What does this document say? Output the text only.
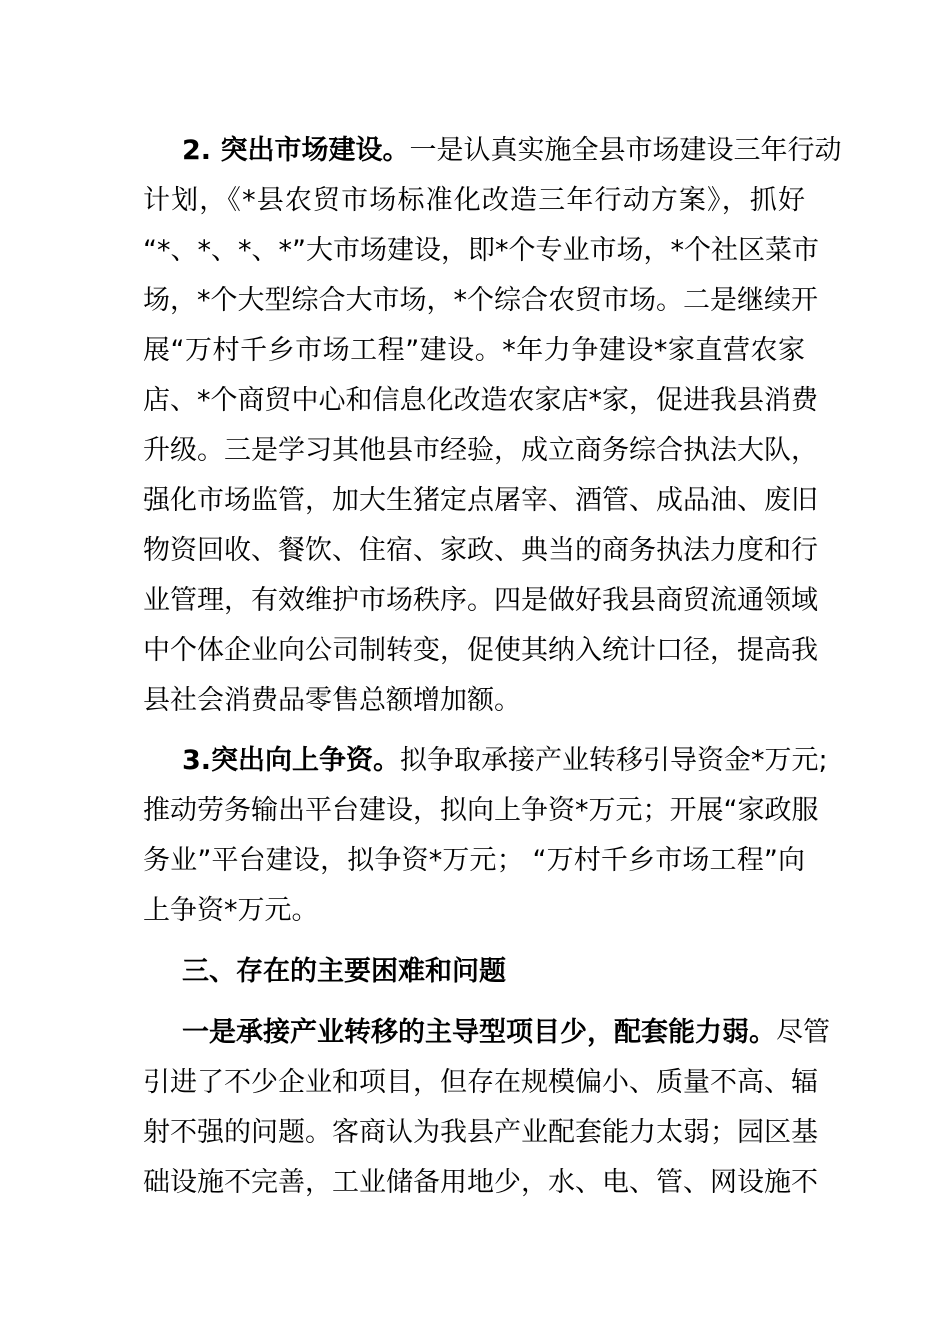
2. 突出市场建设。一是认真实施全县市场建设三年行动
计划，《*县农贸市场标准化改造三年行动方案》，抓好
“*、*、*、*”大市场建设，即*个专业市场，*个社区菜市
场，*个大型综合大市场，*个综合农贸市场。二是继续开
展“万村千乡市场工程”建设。*年力争建设*家直营农家
店、*个商贸中心和信息化改造农家店*家，促进我县消费
升级。三是学习其他县市经验，成立商务综合执法大队，
强化市场监管，加大生猪定点屠宰、酒管、成品油、废旧
物资回收、餐饮、住宿、家政、典当的商务执法力度和行
业管理，有效维护市场秩序。四是做好我县商贸流通领域
中个体企业向公司制转变，促使其纳入统计口径，提高我
县社会消费品零售总额增加额。
3.突出向上争资。拟争取承接产业转移引导资金*万元;
推动劳务输出平台建设，拟向上争资*万元；开展“家政服
务业”平台建设，拟争资*万元； “万村千乡市场工程”向
上争资*万元。
三、存在的主要困难和问题
一是承接产业转移的主导型项目少，配套能力弱。尽管
引进了不少企业和项目，但存在规模偏小、质量不高、辐
射不强的问题。客商认为我县产业配套能力太弱；园区基
础设施不完善，工业储备用地少，水、电、管、网设施不
